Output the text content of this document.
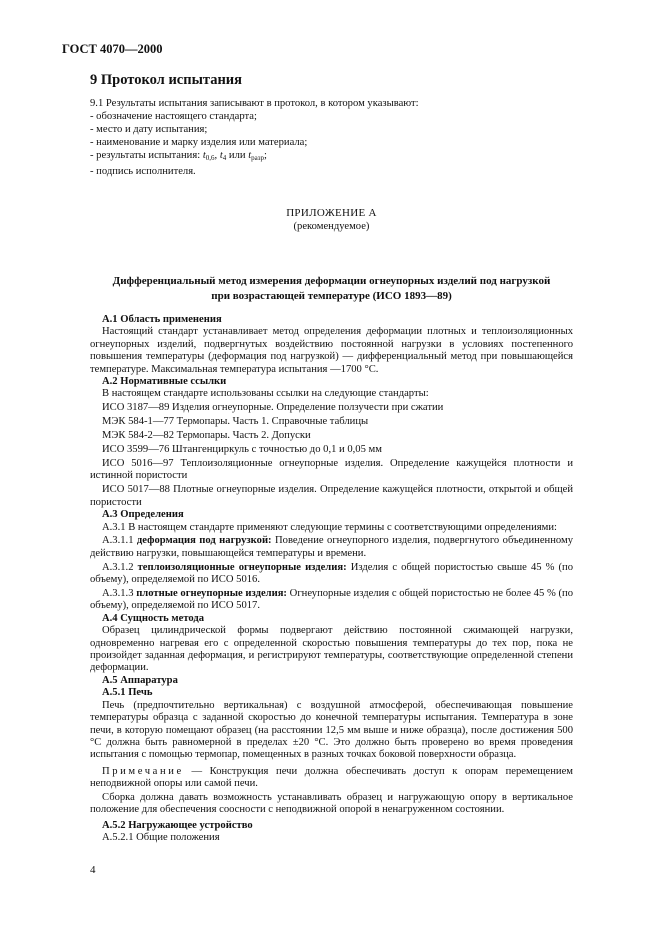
ГОСТ 4070—2000
9 Протокол испытания
9.1 Результаты испытания записывают в протокол, в котором указывают:
- обозначение настоящего стандарта;
- место и дату испытания;
- наименование и марку изделия или материала;
- результаты испытания: $t_{0,6}$, $t_4$ или $t_{разр}$;
- подпись исполнителя.
ПРИЛОЖЕНИЕ А
(рекомендуемое)
Дифференциальный метод измерения деформации огнеупорных изделий под нагрузкой
при возрастающей температуре (ИСО 1893—89)
А.1 Область применения

Настоящий стандарт устанавливает метод определения деформации плотных и теплоизоляционных огнеупорных изделий, подвергнутых воздействию постоянной нагрузки в условиях постепенного повышения температуры (деформация под нагрузкой) — дифференциальный метод при повышающейся температуре. Максимальная температура испытания —1700 °С.

А.2 Нормативные ссылки

В настоящем стандарте использованы ссылки на следующие стандарты:

ИСО 3187—89 Изделия огнеупорные. Определение ползучести при сжатии

МЭК 584-1—77 Термопары. Часть 1. Справочные таблицы

МЭК 584-2—82 Термопары. Часть 2. Допуски

ИСО 3599—76 Штангенциркуль с точностью до 0,1 и 0,05 мм

ИСО 5016—97 Теплоизоляционные огнеупорные изделия. Определение кажущейся плотности и истинной пористости

ИСО 5017—88 Плотные огнеупорные изделия. Определение кажущейся плотности, открытой и общей пористости

А.3 Определения

А.3.1 В настоящем стандарте применяют следующие термины с соответствующими определениями:

А.3.1.1 деформация под нагрузкой: Поведение огнеупорного изделия, подвергнутого объединенному действию нагрузки, повышающейся температуры и времени.

А.3.1.2 теплоизоляционные огнеупорные изделия: Изделия с общей пористостью свыше 45 % (по объему), определяемой по ИСО 5016.

А.3.1.3 плотные огнеупорные изделия: Огнеупорные изделия с общей пористостью не более 45 % (по объему), определяемой по ИСО 5017.

А.4 Сущность метода

Образец цилиндрической формы подвергают действию постоянной сжимающей нагрузки, одновременно нагревая его с определенной скоростью повышения температуры до тех пор, пока не произойдет заданная деформация, и регистрируют температуры, соответствующие определенной степени деформации.

А.5 Аппаратура
А.5.1 Печь

Печь (предпочтительно вертикальная) с воздушной атмосферой, обеспечивающая повышение температуры образца с заданной скоростью до конечной температуры испытания. Температура в зоне печи, в которую помещают образец (на расстоянии 12,5 мм выше и ниже образца), после достижения 500 °С должна быть равномерной в пределах ±20 °С. Это должно быть проверено во время проведения испытания с помощью термопар, помещенных в разных точках боковой поверхности образца.

Примечание — Конструкция печи должна обеспечивать доступ к опорам перемещением неподвижной опоры или самой печи.

Сборка должна давать возможность устанавливать образец и нагружающую опору в вертикальное положение для обеспечения соосности с неподвижной опорой в ненагруженном состоянии.

А.5.2 Нагружающее устройство

А.5.2.1 Общие положения

4
